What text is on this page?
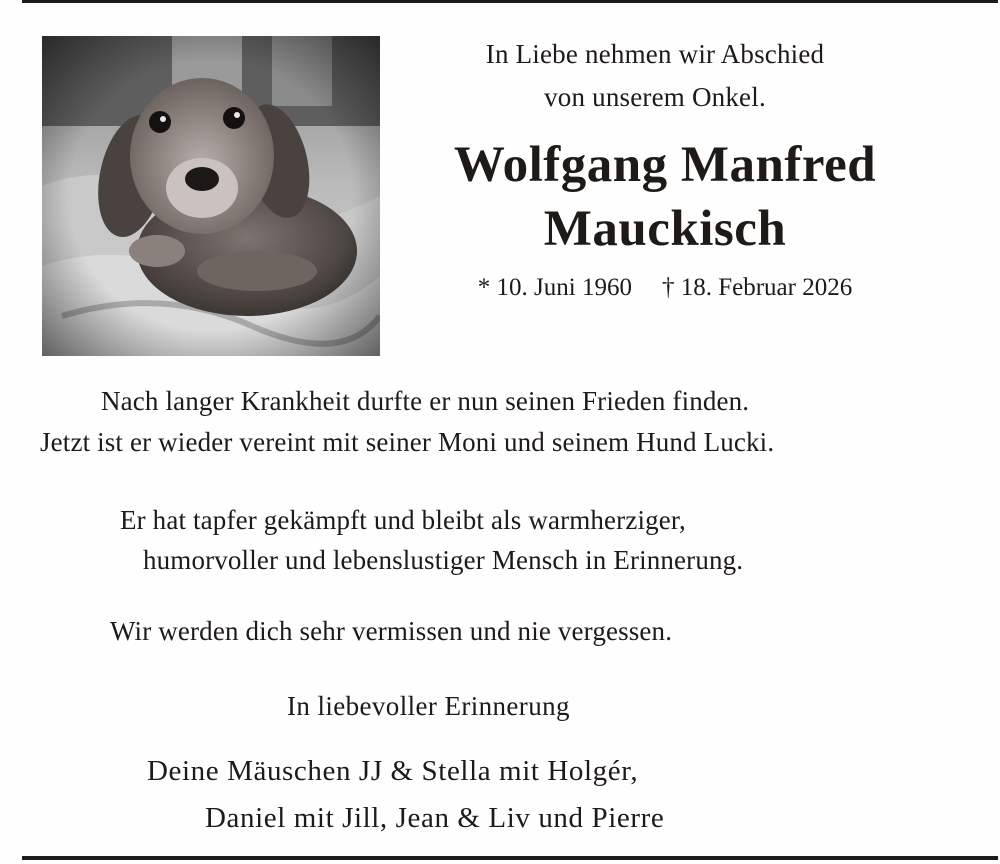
In Liebe nehmen wir Abschied
von unserem Onkel.
Wolfgang Manfred
Mauckisch
* 10. Juni 1960 † 18. Februar 2026
Nach langer Krankheit durfte er nun seinen Frieden finden.
Jetzt ist er wieder vereint mit seiner Moni und seinem Hund Lucki.
Er hat tapfer gekämpft und bleibt als warmherziger,
humorvoller und lebenslustiger Mensch in Erinnerung.
Wir werden dich sehr vermissen und nie vergessen.
In liebevoller Erinnerung
Deine Mäuschen JJ & Stella mit Holgér,
Daniel mit Jill, Jean & Liv und Pierre
